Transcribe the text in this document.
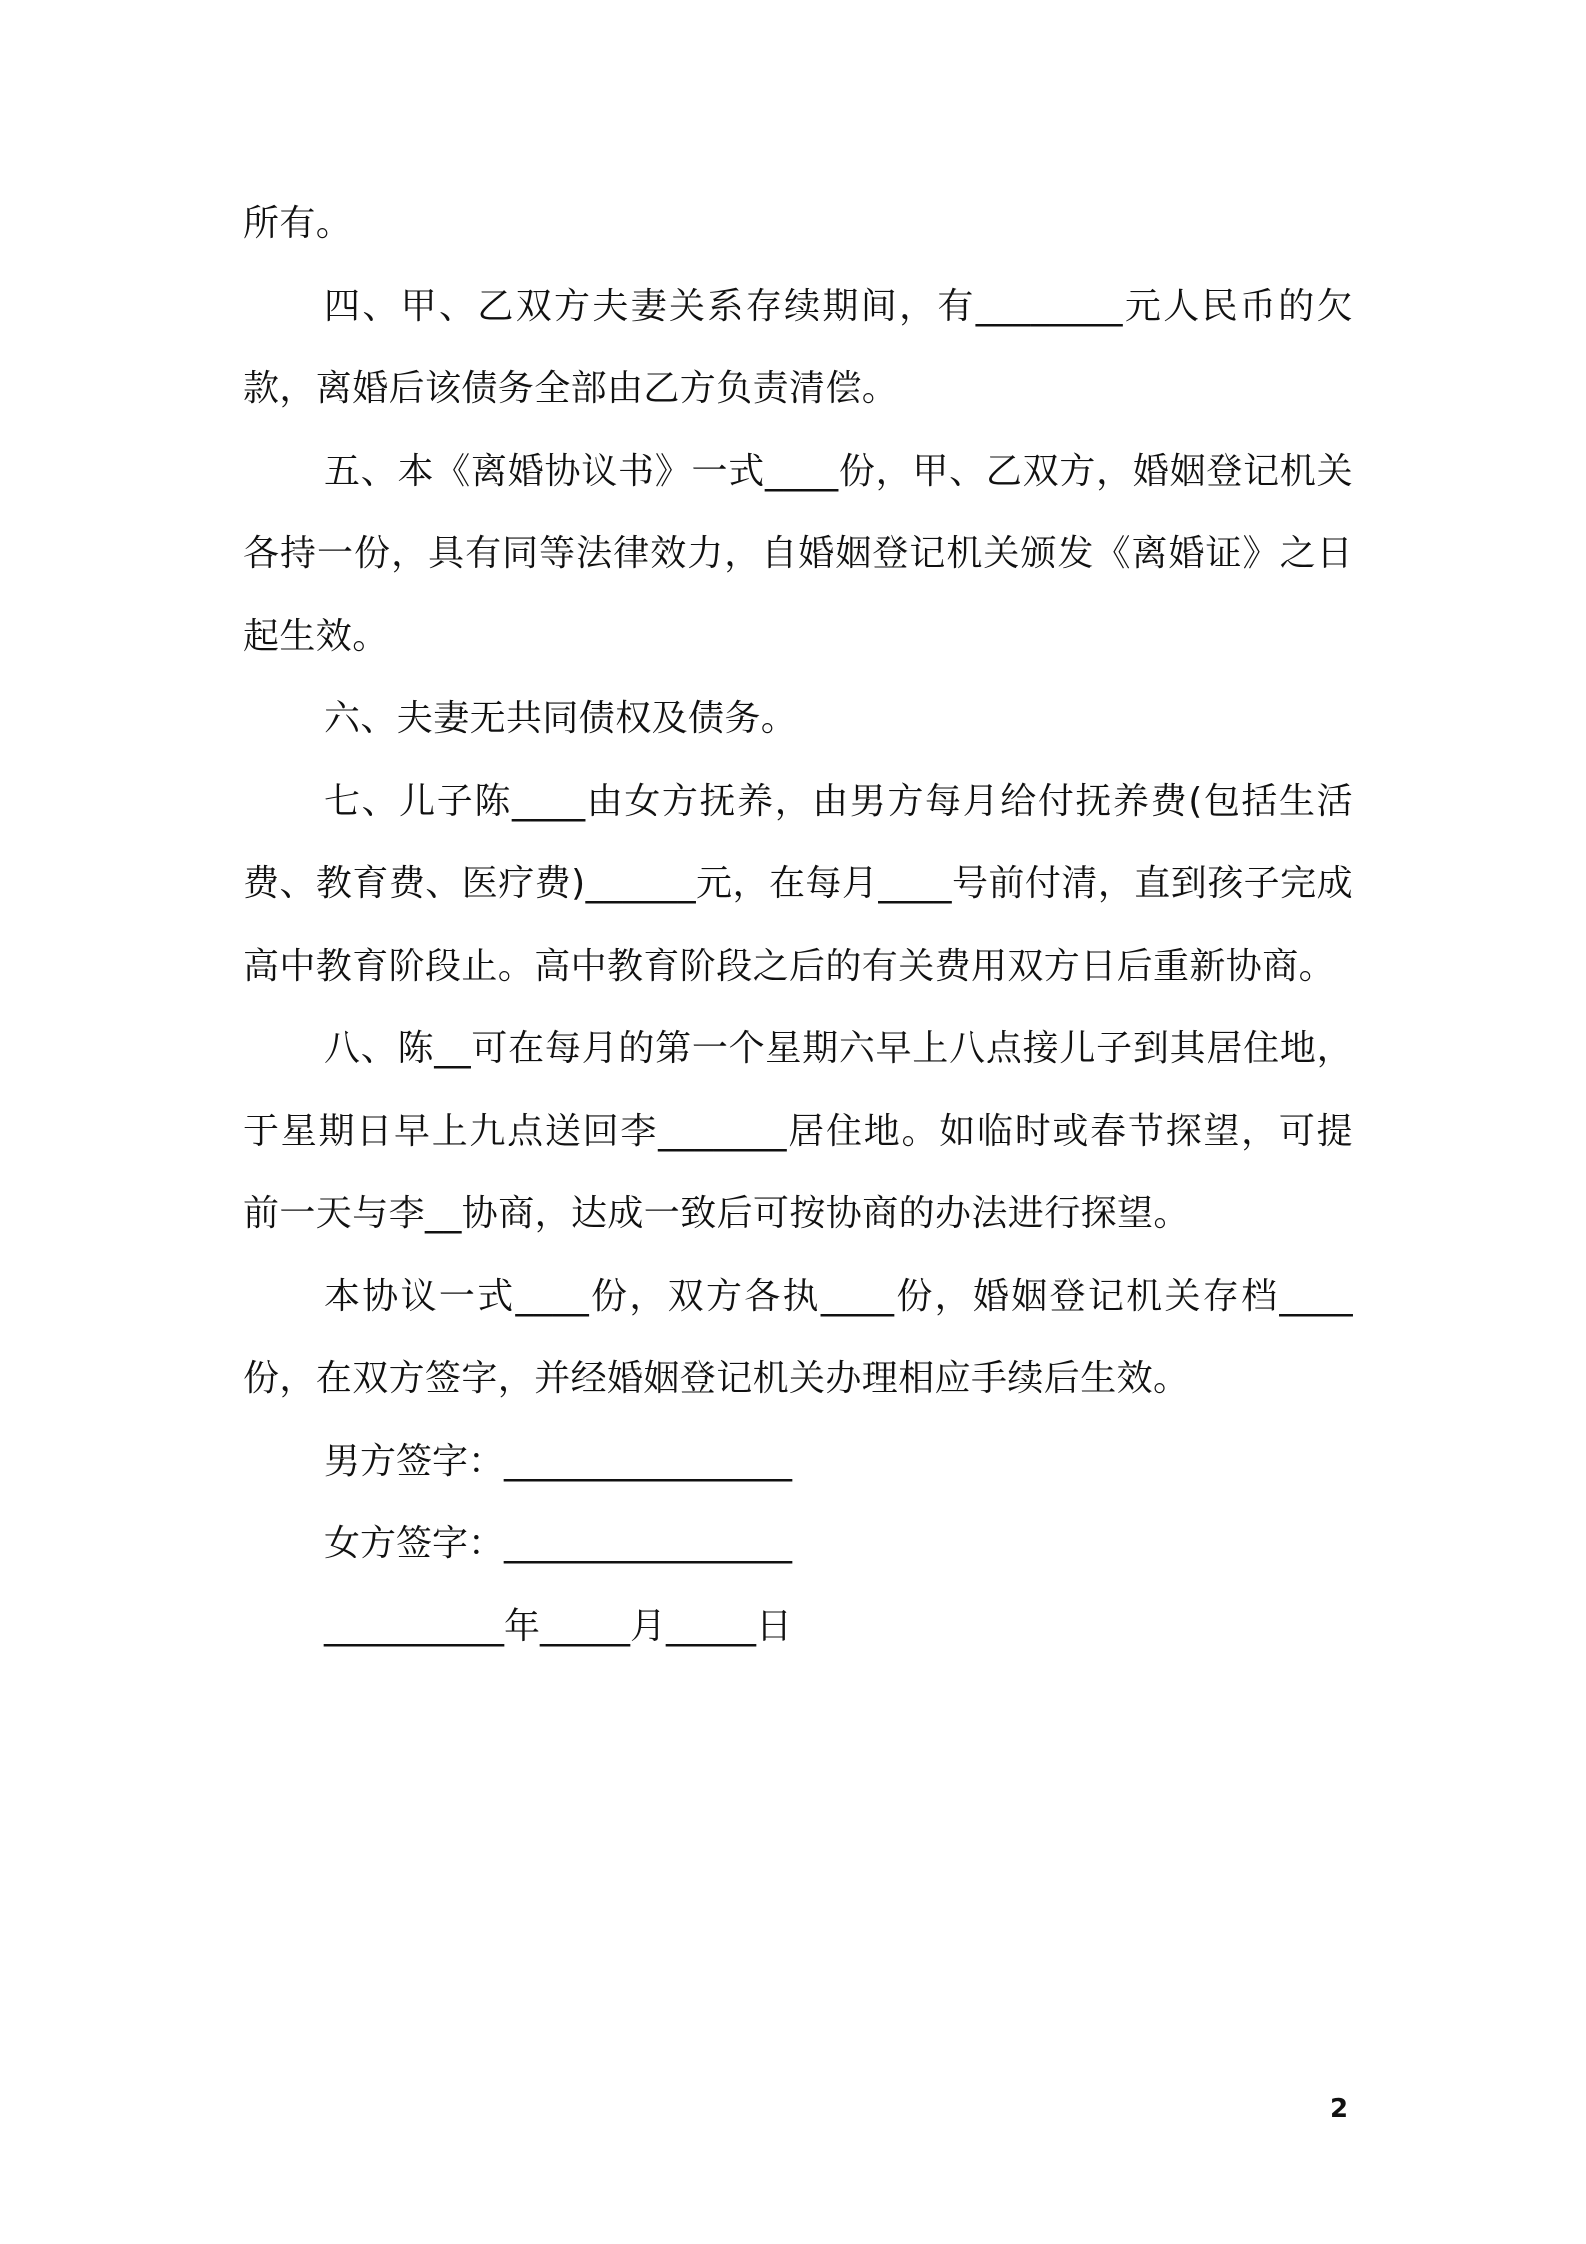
所有。

四、甲、乙双方夫妻关系存续期间，有________元人民币的欠款，离婚后该债务全部由乙方负责清偿。

五、本《离婚协议书》一式____份，甲、乙双方，婚姻登记机关各持一份，具有同等法律效力，自婚姻登记机关颁发《离婚证》之日起生效。

六、夫妻无共同债权及债务。

七、儿子陈____由女方抚养，由男方每月给付抚养费(包括生活费、教育费、医疗费)______元，在每月____号前付清，直到孩子完成高中教育阶段止。高中教育阶段之后的有关费用双方日后重新协商。

八、陈__可在每月的第一个星期六早上八点接儿子到其居住地，于星期日早上九点送回李_______居住地。如临时或春节探望，可提前一天与李__协商，达成一致后可按协商的办法进行探望。

本协议一式____份，双方各执____份，婚姻登记机关存档____份，在双方签字，并经婚姻登记机关办理相应手续后生效。

男方签字：________________

女方签字：________________

__________年_____月_____日

2
